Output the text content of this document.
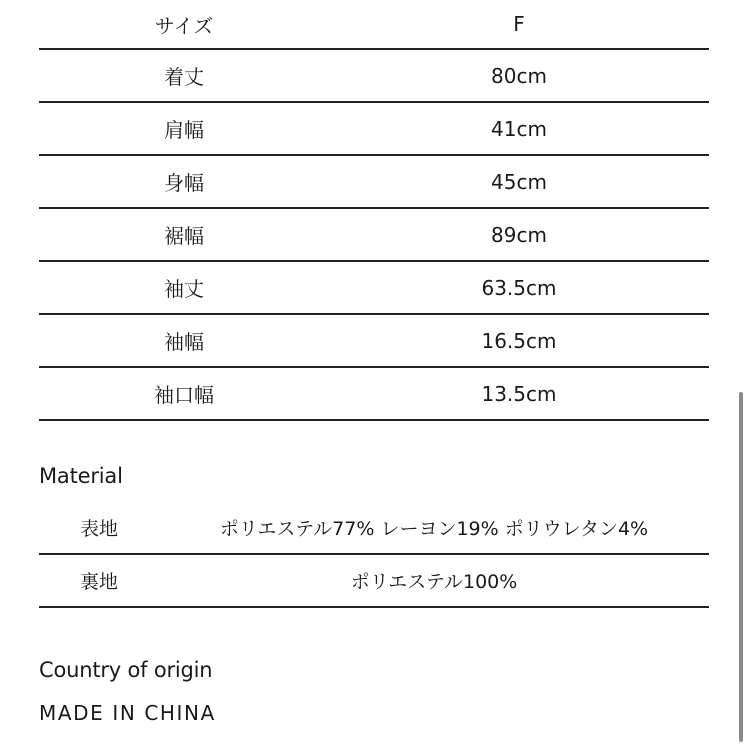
サイズ	F
着丈	80cm
肩幅	41cm
身幅	45cm
裾幅	89cm
袖丈	63.5cm
袖幅	16.5cm
袖口幅	13.5cm
Material
表地	ポリエステル77% レーヨン19% ポリウレタン4%
裏地	ポリエステル100%
Country of origin
MADE IN CHINA
